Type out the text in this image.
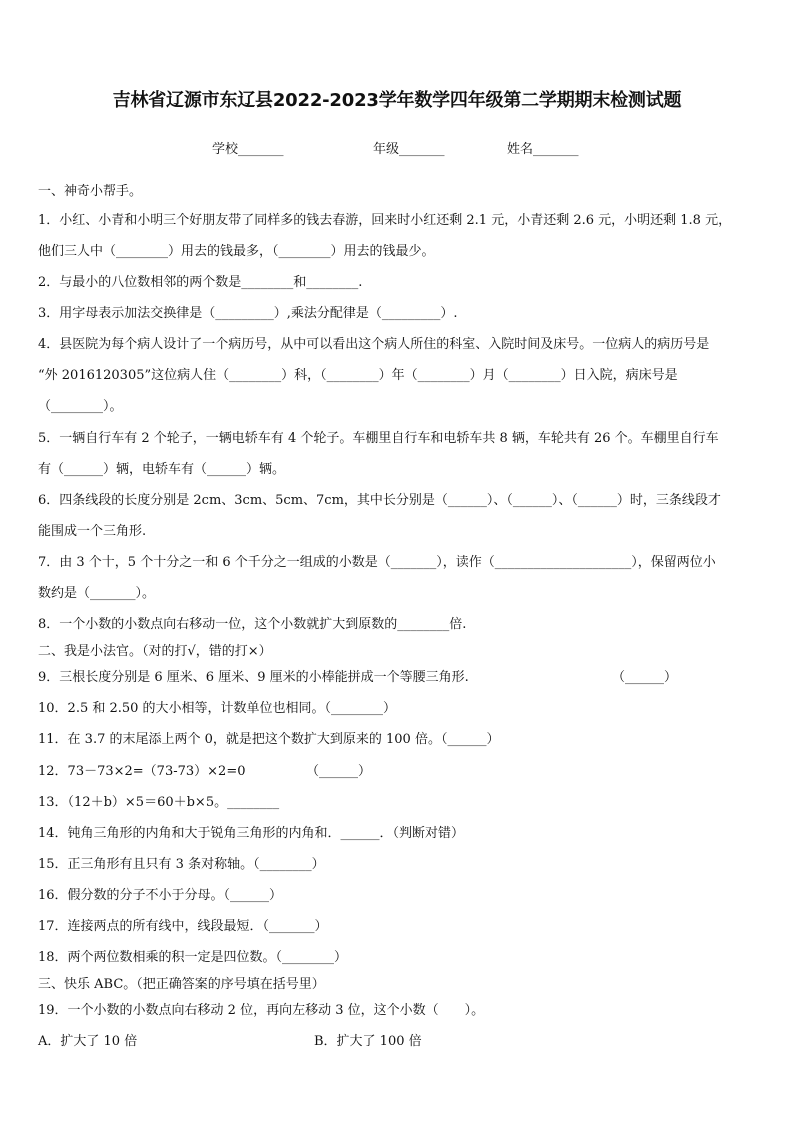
吉林省辽源市东辽县2022-2023学年数学四年级第二学期期末检测试题
学校_______	年级_______	姓名_______
一、神奇小帮手。
1．小红、小青和小明三个好朋友带了同样多的钱去春游，回来时小红还剩 2.1 元，小青还剩 2.6 元，小明还剩 1.8 元，
他们三人中（________）用去的钱最多，（________）用去的钱最少。
2．与最小的八位数相邻的两个数是________和________.
3．用字母表示加法交换律是（_________）,乘法分配律是（_________）.
4．县医院为每个病人设计了一个病历号，从中可以看出这个病人所住的科室、入院时间及床号。一位病人的病历号是
“外 2016120305”这位病人住（________）科，（________）年（________）月（________）日入院，病床号是
（________）。
5．一辆自行车有 2 个轮子，一辆电轿车有 4 个轮子。车棚里自行车和电轿车共 8 辆，车轮共有 26 个。车棚里自行车
有（______）辆，电轿车有（______）辆。
6．四条线段的长度分别是 2cm、3cm、5cm、7cm，其中长分别是（______）、（______）、（______）时，三条线段才
能围成一个三角形.
7．由 3 个十，5 个十分之一和 6 个千分之一组成的小数是（_______），读作（_____________________），保留两位小
数约是（_______）。
8．一个小数的小数点向右移动一位，这个小数就扩大到原数的________倍.
二、我是小法官。（对的打√，错的打×）
9．三根长度分别是 6 厘米、6 厘米、9 厘米的小棒能拼成一个等腰三角形.	（______）
10．2.5 和 2.50 的大小相等，计数单位也相同。（________）
11．在 3.7 的末尾添上两个 0，就是把这个数扩大到原来的 100 倍。（______）
12．73－73×2=（73-73）×2=0	（______）
13．（12＋b）×5＝60＋b×5。________
14．钝角三角形的内角和大于锐角三角形的内角和．______．（判断对错）
15．正三角形有且只有 3 条对称轴。（________）
16．假分数的分子不小于分母。（______）
17．连接两点的所有线中，线段最短．（_______）
18．两个两位数相乘的积一定是四位数。（________）
三、快乐 ABC。（把正确答案的序号填在括号里）
19．一个小数的小数点向右移动 2 位，再向左移动 3 位，这个小数（　　）。
A．扩大了 10 倍	B．扩大了 100 倍
